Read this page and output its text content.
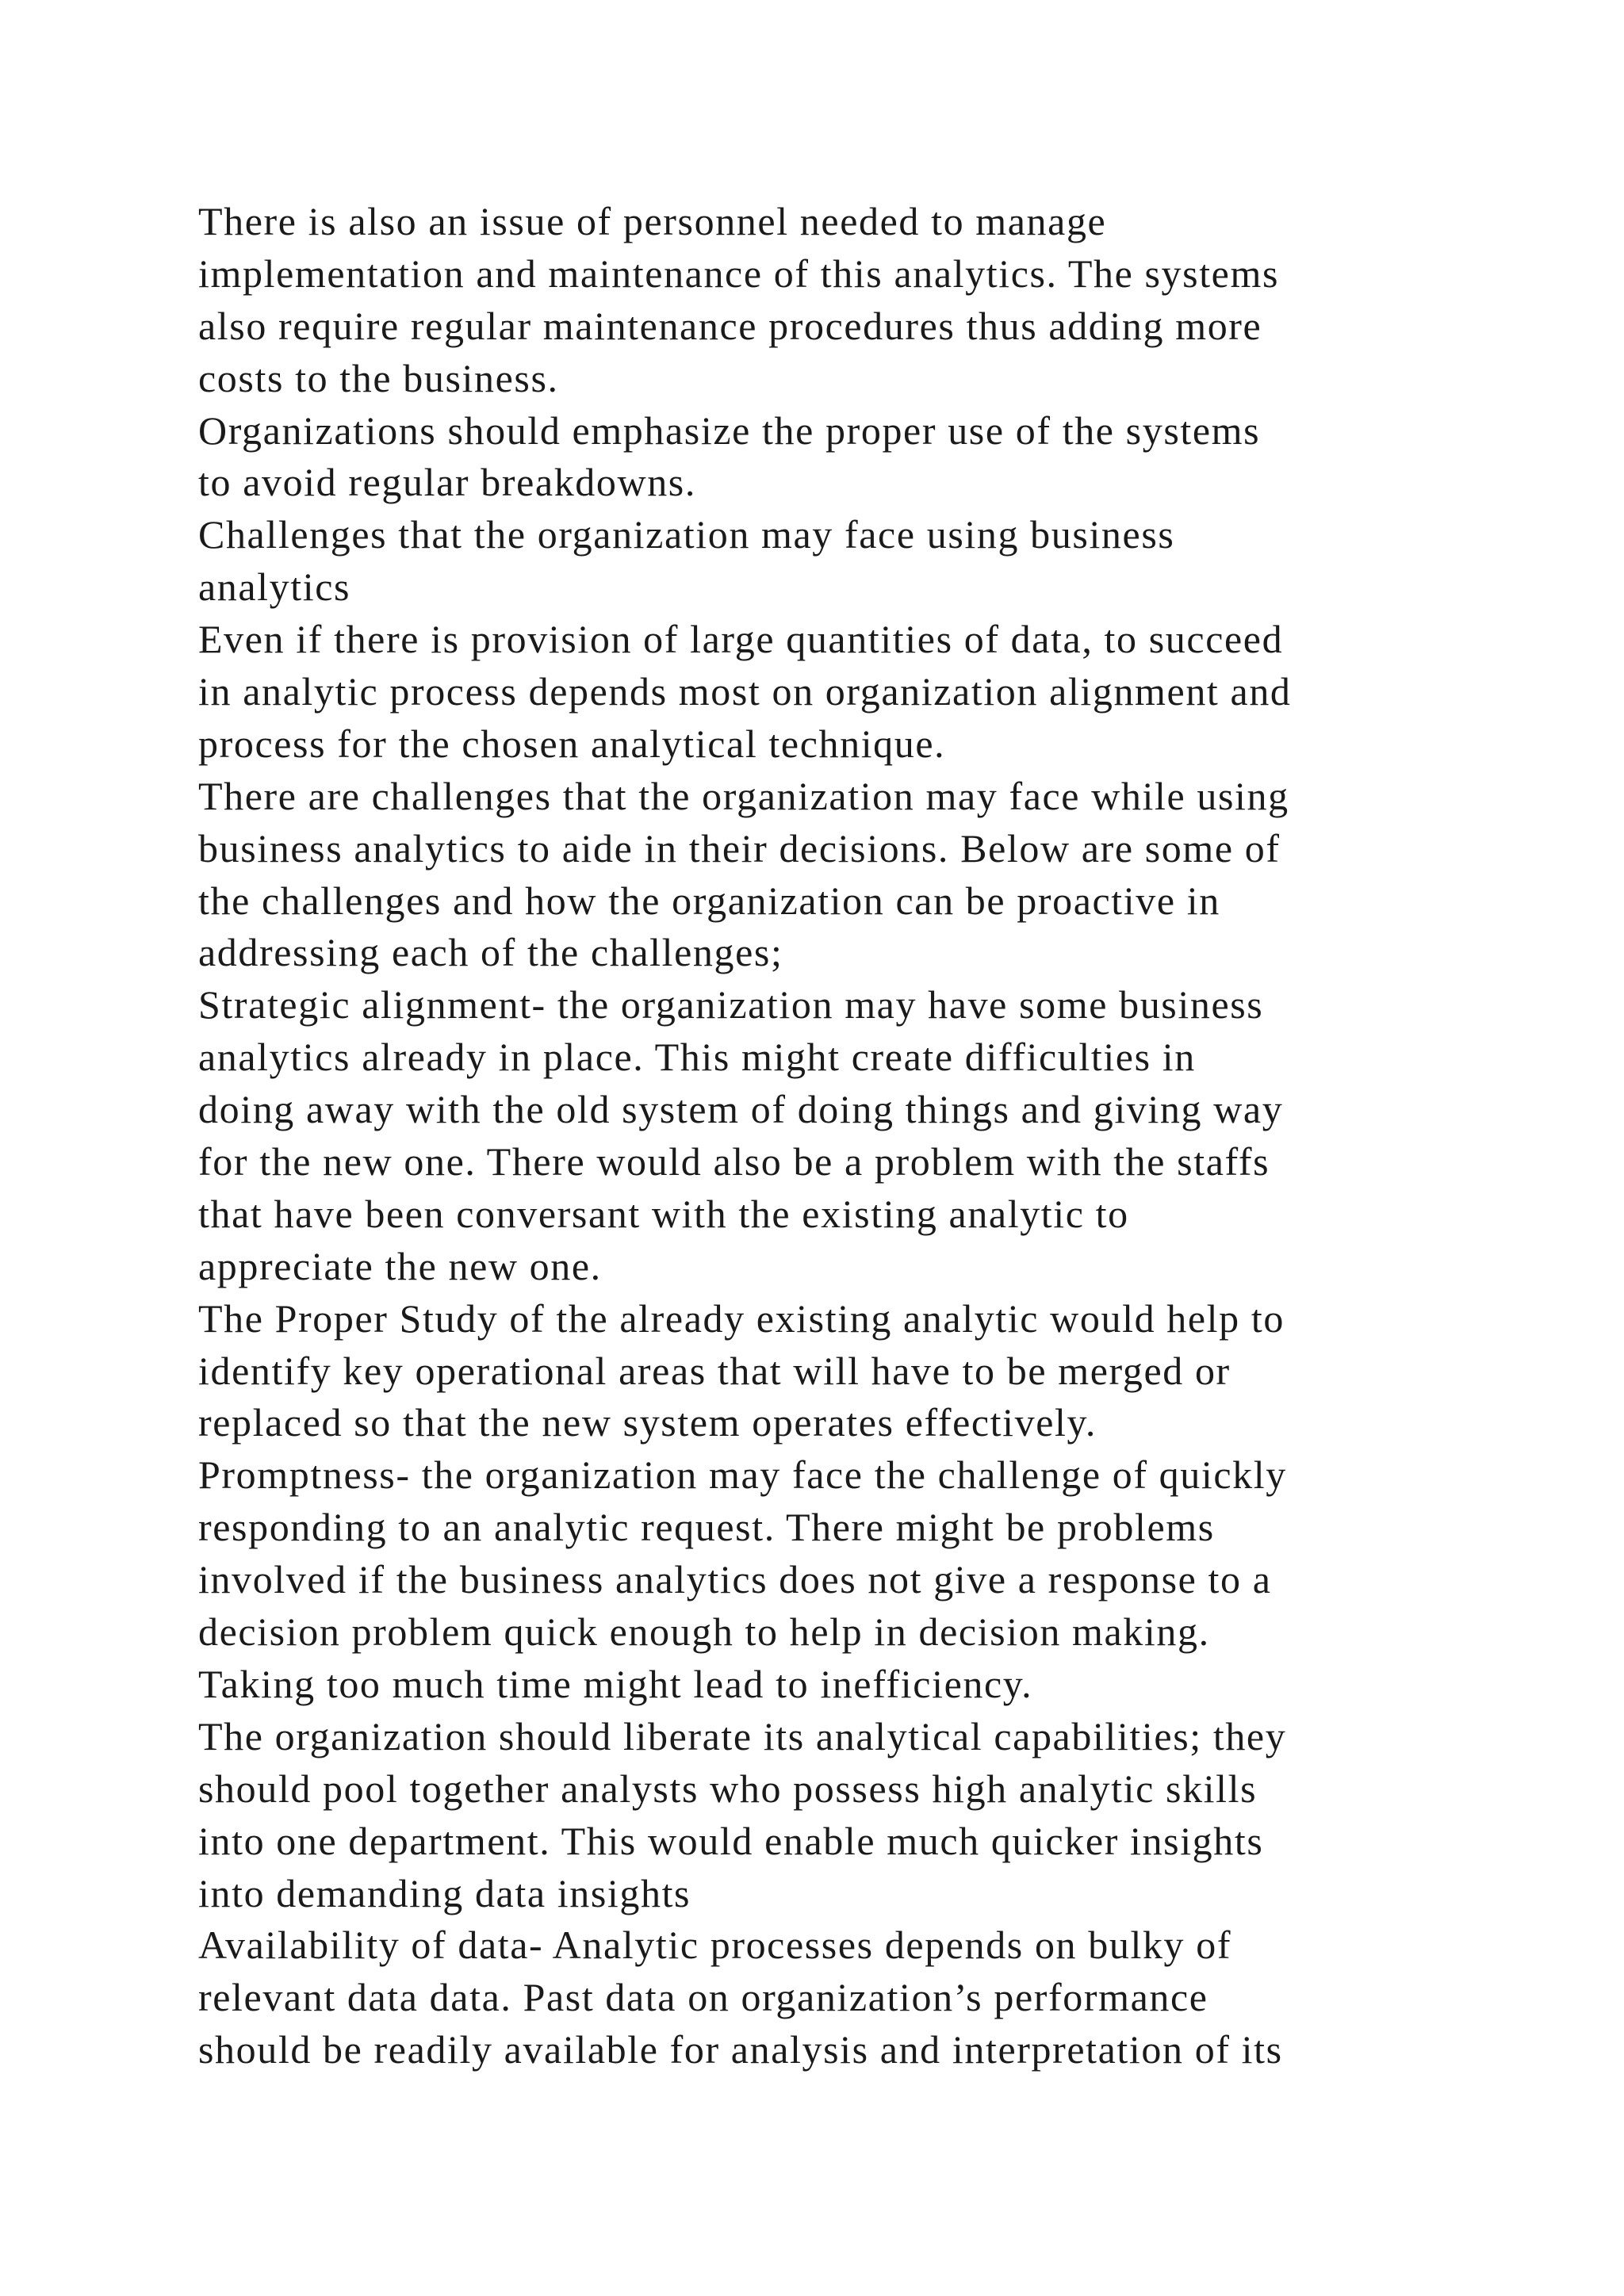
There is also an issue of personnel needed to manage
implementation and maintenance of this analytics. The systems
also require regular maintenance procedures thus adding more
costs to the business.
Organizations should emphasize the proper use of the systems
to avoid regular breakdowns.
Challenges that the organization may face using business
analytics
Even if there is provision of large quantities of data, to succeed
in analytic process depends most on organization alignment and
process for the chosen analytical technique.
There are challenges that the organization may face while using
business analytics to aide in their decisions. Below are some of
the challenges and how the organization can be proactive in
addressing each of the challenges;
Strategic alignment- the organization may have some business
analytics already in place. This might create difficulties in
doing away with the old system of doing things and giving way
for the new one. There would also be a problem with the staffs
that have been conversant with the existing analytic to
appreciate the new one.
The Proper Study of the already existing analytic would help to
identify key operational areas that will have to be merged or
replaced so that the new system operates effectively.
Promptness- the organization may face the challenge of quickly
responding to an analytic request. There might be problems
involved if the business analytics does not give a response to a
decision problem quick enough to help in decision making.
Taking too much time might lead to inefficiency.
The organization should liberate its analytical capabilities; they
should pool together analysts who possess high analytic skills
into one department. This would enable much quicker insights
into demanding data insights
Availability of data- Analytic processes depends on bulky of
relevant data data. Past data on organization’s performance
should be readily available for analysis and interpretation of its
